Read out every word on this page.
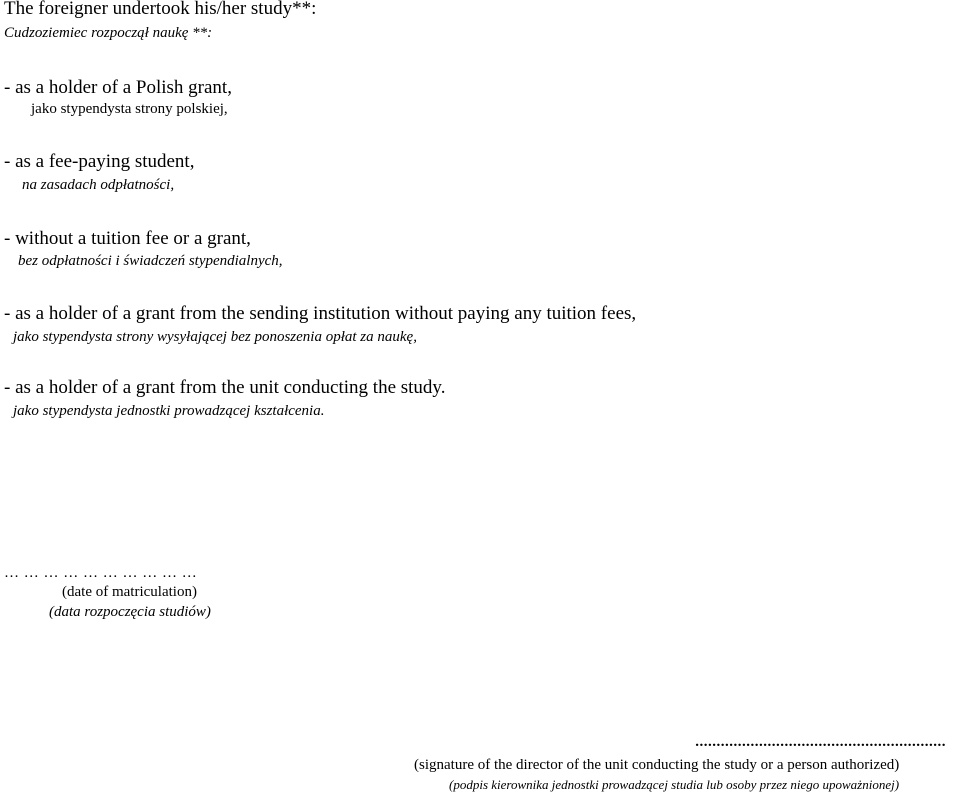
The foreigner undertook his/her study**:
Cudzoziemiec rozpoczął naukę **:
- as a holder of a Polish grant,
jako stypendysta strony polskiej,
- as a fee-paying student,
na zasadach odpłatności,
- without a tuition fee or a grant,
bez odpłatności i świadczeń stypendialnych,
- as a holder of a grant from the sending institution without paying any tuition fees,
jako stypendysta strony wysyłającej bez ponoszenia opłat za naukę,
- as a holder of a grant from the unit conducting the study.
jako stypendysta jednostki prowadzącej kształcenia.
… … … … … … … … … …
(date of matriculation)
(data rozpoczęcia studiów)
...........................................................
(signature of the director of the unit conducting the study or a person authorized)
(podpis kierownika jednostki prowadzącej studia lub osoby przez niego upoważnionej)
